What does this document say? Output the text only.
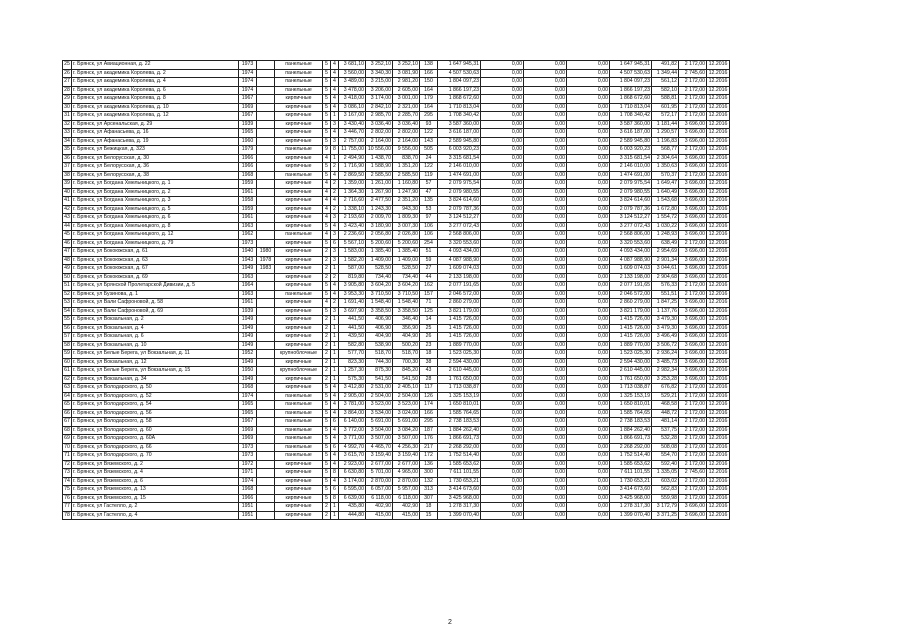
25	г. Брянск, ул Авиационная, д. 22	1973		панельные	5	4	3 681,10	3 252,10	3 252,10	138	1 647 945,31	0,00	0,00	0,00	1 647 945,31	491,82	2 172,00	12.2016
26	г. Брянск, ул академика Королева, д. 2	1974		панельные	5	4	3 560,00	3 340,30	3 081,90	166	4 507 530,63	0,00	0,00	0,00	4 507 530,63	1 349,44	2 745,60	12.2016
27	г. Брянск, ул академика Королева, д. 4	1974		панельные	5	4	3 489,00	3 215,00	2 981,20	150	1 804 097,23	0,00	0,00	0,00	1 804 097,23	561,12	2 172,00	12.2016
28	г. Брянск, ул академика Королева, д. 6	1974		панельные	5	4	3 478,00	3 206,00	2 605,00	164	1 866 197,23	0,00	0,00	0,00	1 866 197,23	582,10	2 172,00	12.2016
29	г. Брянск, ул академика Королева, д. 8	1967		кирпичные	5	4	3 418,00	3 174,00	3 001,00	179	1 868 672,60	0,00	0,00	0,00	1 868 672,60	588,81	2 172,00	12.2016
30	г. Брянск, ул академика Королева, д. 10	1969		кирпичные	5	4	3 086,10	2 842,10	2 321,00	164	1 710 813,04	0,00	0,00	0,00	1 710 813,04	601,95	2 172,00	12.2016
31	г. Брянск, ул академика Королева, д. 12	1967		кирпичные	5	1	3 167,00	2 985,70	2 285,70	295	1 708 340,42	0,00	0,00	0,00	1 708 340,42	572,17	2 172,00	12.2016
32	г. Брянск, ул Арсенальская, д. 29	1939		кирпичные	5	3	3 430,40	3 036,40	3 036,40	93	3 587 360,00	0,00	0,00	0,00	3 587 360,00	1 181,44	3 696,00	12.2016
33	г. Брянск, ул Афанасьева, д. 16	1965		кирпичные	5	4	3 446,70	2 802,00	2 802,00	122	3 616 187,00	0,00	0,00	0,00	3 616 187,00	1 290,57	3 696,00	12.2016
34	г. Брянск, ул Афанасьева, д. 19	1960		кирпичные	5	3	2 757,00	2 164,00	2 164,00	143	2 589 945,80	0,00	0,00	0,00	2 589 945,80	1 196,83	3 696,00	12.2016
35	г. Брянск, ул Бежицкая, д. 323	1979		панельные	9	8	11 755,00	10 556,00	9 556,00	505	6 003 920,23	0,00	0,00	0,00	6 003 920,23	568,77	2 172,00	12.2016
36	г. Брянск, ул Белорусская, д. 30	1966		кирпичные	4	1	2 494,90	1 438,70	838,70	24	3 315 681,54	0,00	0,00	0,00	3 315 681,54	2 304,64	3 696,00	12.2016
37	г. Брянск, ул Белорусская, д. 36	1966		кирпичные	5	2	1 716,90	1 588,90	1 351,20	122	2 146 010,00	0,00	0,00	0,00	2 146 010,00	1 350,63	3 696,00	12.2016
38	г. Брянск, ул Белорусская, д. 38	1968		панельные	5	4	2 869,50	2 585,50	2 585,50	119	1 474 691,00	0,00	0,00	0,00	1 474 691,00	570,37	2 172,00	12.2016
39	г. Брянск, ул Богдана Хмельницкого, д. 1	1959		кирпичные	4	2	1 359,00	1 261,00	1 160,80	57	2 079 975,54	0,00	0,00	0,00	2 079 975,54	1 649,47	3 696,00	12.2016
40	г. Брянск, ул Богдана Хмельницкого, д. 2	1961		кирпичные	4	2	1 364,30	1 267,90	1 247,90	47	2 079 980,55	0,00	0,00	0,00	2 079 980,55	1 640,49	3 696,00	12.2016
41	г. Брянск, ул Богдана Хмельницкого, д. 3	1958		кирпичные	4	4	2 716,60	2 477,50	2 351,20	135	3 824 614,60	0,00	0,00	0,00	3 824 614,60	1 543,68	3 696,00	12.2016
42	г. Брянск, ул Богдана Хмельницкого, д. 5	1959		кирпичные	4	2	1 338,10	1 243,30	943,30	53	2 079 787,36	0,00	0,00	0,00	2 079 787,36	1 672,80	3 696,00	12.2016
43	г. Брянск, ул Богдана Хмельницкого, д. 6	1961		кирпичные	4	3	2 193,60	2 009,70	1 809,30	97	3 124 512,27	0,00	0,00	0,00	3 124 512,27	1 554,72	3 696,00	12.2016
44	г. Брянск, ул Богдана Хмельницкого, д. 8	1963		кирпичные	5	4	3 423,40	3 180,90	3 007,30	106	3 277 072,43	0,00	0,00	0,00	3 277 072,43	1 030,22	3 696,00	12.2016
45	г. Брянск, ул Богдана Хмельницкого, д. 12	1962		панельные	4	3	2 236,60	2 056,80	2 026,80	106	2 568 806,00	0,00	0,00	0,00	2 568 806,00	1 248,93	3 696,00	12.2016
46	г. Брянск, ул Богдана Хмельницкого, д. 79	1973		кирпичные	5	6	5 567,10	5 200,60	5 200,60	254	3 320 553,60	0,00	0,00	0,00	3 320 553,60	638,49	2 172,00	12.2016
47	г. Брянск, ул Бокоюжская, д. 61	1940	1980	кирпичные	2	3	1 583,00	1 385,40	1 385,40	51	4 093 434,00	0,00	0,00	0,00	4 093 434,00	2 954,69	3 696,00	12.2016
48	г. Брянск, ул Бокоюжская, д. 63	1943	1978	кирпичные	2	3	1 582,20	1 409,00	1 409,00	59	4 087 988,90	0,00	0,00	0,00	4 087 988,90	2 901,34	3 696,00	12.2016
49	г. Брянск, ул Бокоюжская, д. 67	1949	1983	кирпичные	2	1	587,00	528,50	528,50	27	1 609 074,03	0,00	0,00	0,00	1 609 074,03	3 044,61	3 696,00	12.2016
50	г. Брянск, ул Бокоюжская, д. 69	1963		кирпичные	2	2	819,80	734,40	734,40	44	2 133 198,00	0,00	0,00	0,00	2 133 198,00	2 904,68	3 696,00	12.2016
51	г. Брянск, ул Брянской Пролетарской Дивизии, д. 5	1964		кирпичные	5	4	3 905,80	3 604,20	3 604,20	162	2 077 191,65	0,00	0,00	0,00	2 077 191,65	576,33	2 172,00	12.2016
52	г. Брянск, ул Бузиновa, д. 1	1963		панельные	5	4	3 953,30	3 710,50	3 710,50	157	2 046 572,00	0,00	0,00	0,00	2 046 572,00	551,51	2 172,00	12.2016
53	г. Брянск, ул Вали Сафроновой, д. 58	1961		кирпичные	4	2	1 691,40	1 548,40	1 548,40	71	2 860 279,00	0,00	0,00	0,00	2 860 279,00	1 847,25	3 696,00	12.2016
54	г. Брянск, ул Вали Сафроновой, д. 69	1939		кирпичные	5	3	3 697,90	3 358,50	3 358,50	125	3 821 179,00	0,00	0,00	0,00	3 821 179,00	1 137,76	3 696,00	12.2016
55	г. Брянск, ул Вокзальная, д. 2	1949		кирпичные	2	1	441,50	406,90	346,40	14	1 415 726,00	0,00	0,00	0,00	1 415 726,00	3 479,30	3 696,00	12.2016
56	г. Брянск, ул Вокзальная, д. 4	1949		кирпичные	2	1	441,50	406,90	356,90	25	1 415 726,00	0,00	0,00	0,00	1 415 726,00	3 479,30	3 696,00	12.2016
57	г. Брянск, ул Вокзальная, д. 6	1949		кирпичные	2	1	439,50	404,90	404,90	26	1 415 726,00	0,00	0,00	0,00	1 415 726,00	3 496,49	3 696,00	12.2016
58	г. Брянск, ул Вокзальная, д. 10	1949		кирпичные	2	1	582,80	538,90	500,20	23	1 889 770,00	0,00	0,00	0,00	1 889 770,00	3 506,72	3 696,00	12.2016
59	г. Брянск, ул Белые Берега, ул Вокзальная, д. 11	1952		крупноблочные	2	1	577,70	518,70	518,70	18	1 523 025,30	0,00	0,00	0,00	1 523 025,30	2 936,24	3 696,00	12.2016
60	г. Брянск, ул Вокзальная, д. 12	1949		кирпичные	2	1	823,30	744,30	700,30	38	2 594 430,00	0,00	0,00	0,00	2 594 430,00	3 485,73	3 696,00	12.2016
61	г. Брянск, ул Белые Берега, ул Вокзальная, д. 15	1950		крупноблочные	2	1	1 257,30	875,30	845,20	43	2 610 445,00	0,00	0,00	0,00	2 610 445,00	2 982,34	3 696,00	12.2016
62	г. Брянск, ул Вокзальная, д. 34	1949		кирпичные	2	1	575,30	541,50	541,50	28	1 761 650,00	0,00	0,00	0,00	1 761 650,00	3 253,28	3 696,00	12.2016
63	г. Брянск, ул Володарского, д. 50	1968		кирпичные	5	4	3 412,80	2 531,00	2 405,10	117	1 713 038,87	0,00	0,00	0,00	1 713 038,87	676,82	2 172,00	12.2016
64	г. Брянск, ул Володарского, д. 52	1974		панельные	5	4	2 905,00	2 504,00	2 504,00	126	1 325 153,19	0,00	0,00	0,00	1 325 153,19	529,21	2 172,00	12.2016
65	г. Брянск, ул Володарского, д. 54	1965		панельные	5	4	3 781,00	3 523,00	3 523,00	174	1 650 810,01	0,00	0,00	0,00	1 650 810,01	468,58	2 172,00	12.2016
66	г. Брянск, ул Володарского, д. 56	1965		панельные	5	4	3 864,00	3 534,00	3 024,00	166	1 585 764,65	0,00	0,00	0,00	1 585 764,65	448,72	2 172,00	12.2016
67	г. Брянск, ул Володарского, д. 58	1967		панельные	5	6	6 140,00	5 691,00	5 691,00	295	2 738 183,53	0,00	0,00	0,00	2 738 183,53	481,14	2 172,00	12.2016
68	г. Брянск, ул Володарского, д. 60	1969		панельные	5	4	3 772,00	3 504,00	3 084,20	187	1 884 262,40	0,00	0,00	0,00	1 884 262,40	537,75	2 172,00	12.2016
69	г. Брянск, ул Володарского, д. 60А	1969		панельные	5	4	3 771,00	3 507,00	3 507,00	176	1 866 691,73	0,00	0,00	0,00	1 866 691,73	532,28	2 172,00	12.2016
70	г. Брянск, ул Володарского, д. 66	1973		панельные	5	6	4 992,70	4 465,70	4 256,30	217	2 268 292,00	0,00	0,00	0,00	2 268 292,00	508,08	2 172,00	12.2016
71	г. Брянск, ул Володарского, д. 70	1973		панельные	5	4	3 615,70	3 159,40	3 159,40	172	1 752 514,40	0,00	0,00	0,00	1 752 514,40	554,70	2 172,00	12.2016
72	г. Брянск, ул Вяземского, д. 2	1972		кирпичные	5	4	2 923,00	2 677,00	2 677,00	136	1 585 653,62	0,00	0,00	0,00	1 585 653,62	592,40	2 172,00	12.2016
73	г. Брянск, ул Вяземского, д. 4	1971		кирпичные	5	8	6 630,80	5 701,00	4 965,00	300	7 611 101,55	0,00	0,00	0,00	7 611 101,55	1 335,05	2 745,60	12.2016
74	г. Брянск, ул Вяземского, д. 6	1974		кирпичные	5	4	3 174,00	2 870,00	2 870,00	132	1 730 653,21	0,00	0,00	0,00	1 730 653,21	603,02	2 172,00	12.2016
75	г. Брянск, ул Вяземского, д. 13	1968		кирпичные	5	6	6 595,00	6 057,00	5 957,00	313	3 414 673,60	0,00	0,00	0,00	3 414 673,60	562,83	2 172,00	12.2016
76	г. Брянск, ул Вяземского, д. 15	1966		кирпичные	5	8	6 639,00	6 118,00	6 118,00	307	3 425 968,00	0,00	0,00	0,00	3 425 968,00	559,98	2 172,00	12.2016
77	г. Брянск, ул Гастелло, д. 2	1951		кирпичные	2	1	435,80	402,90	402,90	18	1 278 317,30	0,00	0,00	0,00	1 278 317,30	3 172,79	3 696,00	12.2016
78	г. Брянск, ул Гастелло, д. 4	1951		кирпичные	2	1	444,80	415,00	415,00	15	1 399 070,40	0,00	0,00	0,00	1 399 070,40	3 371,25	3 696,00	12.2016
2
